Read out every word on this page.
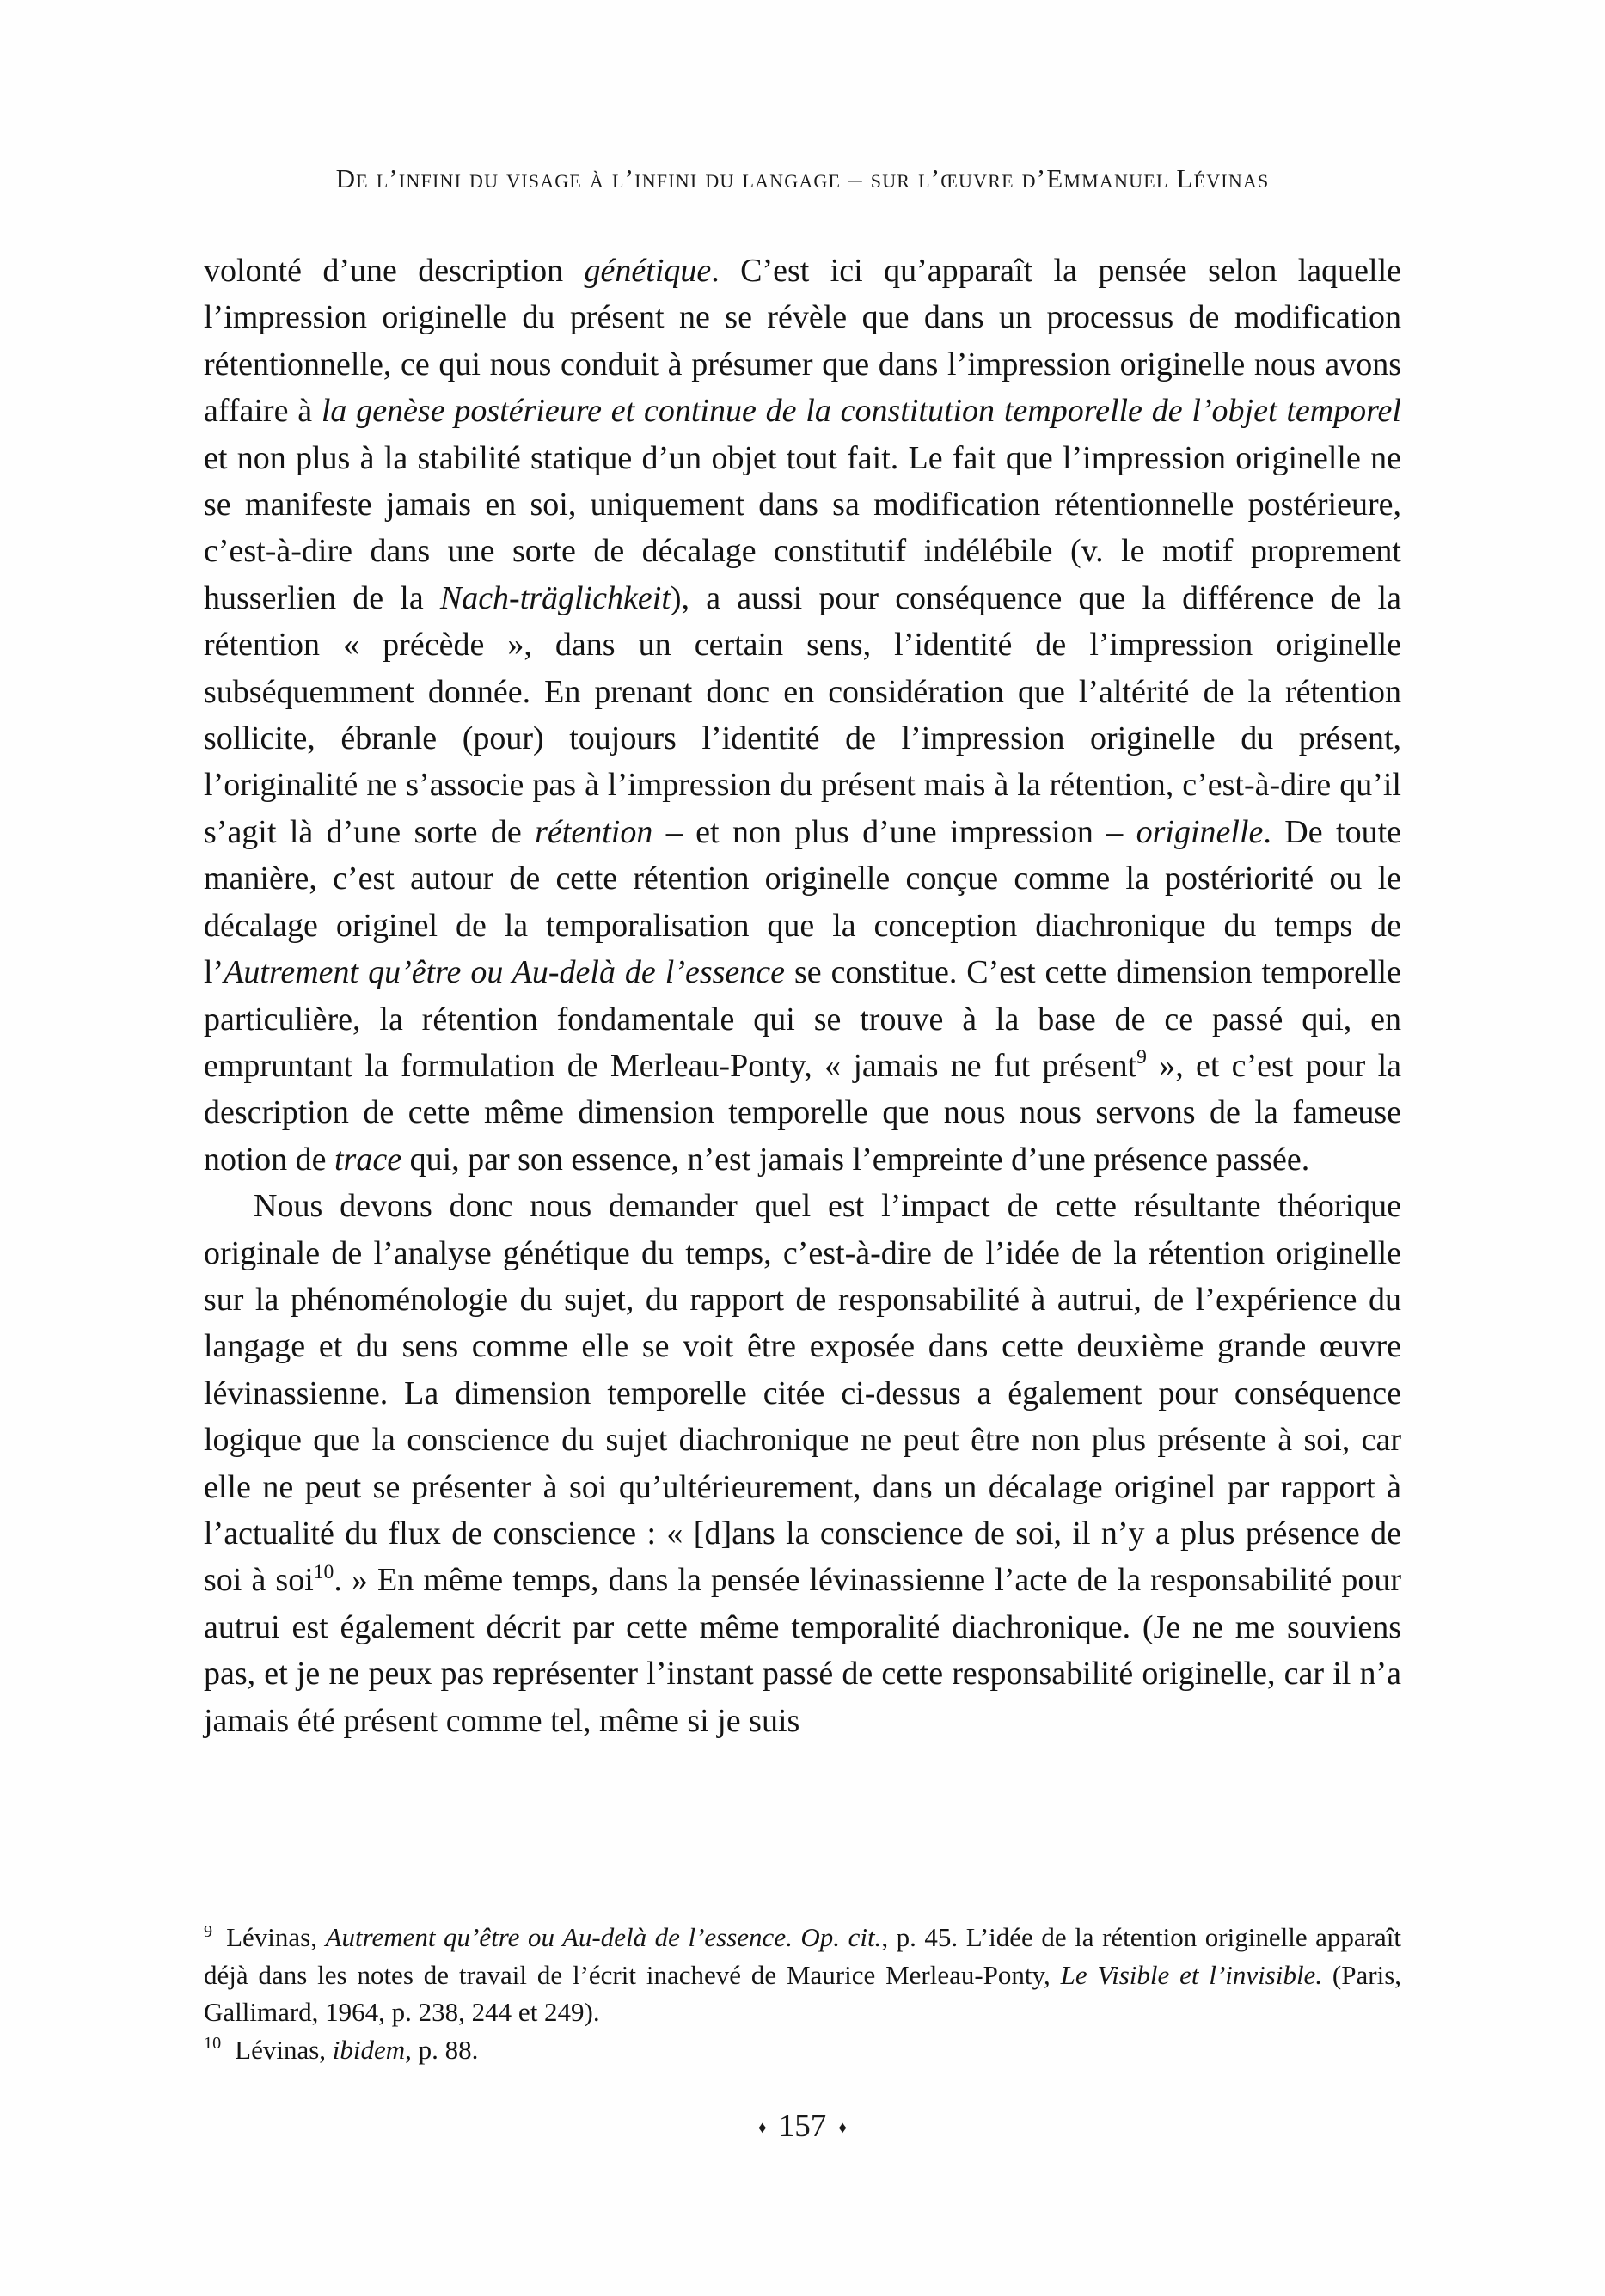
De l’infini du visage à l’infini du langage – sur l’œuvre d’Emmanuel Lévinas

volonté d’une description génétique. C’est ici qu’apparaît la pensée selon laquelle l’impression originelle du présent ne se révèle que dans un processus de modification rétentionnelle, ce qui nous conduit à présumer que dans l’impression originelle nous avons affaire à la genèse postérieure et continue de la constitution temporelle de l’objet temporel et non plus à la stabilité statique d’un objet tout fait. Le fait que l’impression originelle ne se manifeste jamais en soi, uniquement dans sa modification rétentionnelle postérieure, c’est-à-dire dans une sorte de décalage constitutif indélébile (v. le motif proprement husserlien de la Nach-träglichkeit), a aussi pour conséquence que la différence de la rétention « précède », dans un certain sens, l’identité de l’impression originelle subséquemment donnée. En prenant donc en considération que l’altérité de la rétention sollicite, ébranle (pour) toujours l’identité de l’impression originelle du présent, l’originalité ne s’associe pas à l’impression du présent mais à la rétention, c’est-à-dire qu’il s’agit là d’une sorte de rétention – et non plus d’une impression – originelle. De toute manière, c’est autour de cette rétention originelle conçue comme la postériorité ou le décalage originel de la temporalisation que la conception diachronique du temps de l’Autrement qu’être ou Au-delà de l’essence se constitue. C’est cette dimension temporelle particulière, la rétention fondamentale qui se trouve à la base de ce passé qui, en empruntant la formulation de Merleau-Ponty, « jamais ne fut présent$^9$ », et c’est pour la description de cette même dimension temporelle que nous nous servons de la fameuse notion de trace qui, par son essence, n’est jamais l’empreinte d’une présence passée.

Nous devons donc nous demander quel est l’impact de cette résultante théorique originale de l’analyse génétique du temps, c’est-à-dire de l’idée de la rétention originelle sur la phénoménologie du sujet, du rapport de responsabilité à autrui, de l’expérience du langage et du sens comme elle se voit être exposée dans cette deuxième grande œuvre lévinassienne. La dimension temporelle citée ci-dessus a également pour conséquence logique que la conscience du sujet diachronique ne peut être non plus présente à soi, car elle ne peut se présenter à soi qu’ultérieurement, dans un décalage originel par rapport à l’actualité du flux de conscience : « [d]ans la conscience de soi, il n’y a plus présence de soi à soi$^{10}$. » En même temps, dans la pensée lévinassienne l’acte de la responsabilité pour autrui est également décrit par cette même temporalité diachronique. (Je ne me souviens pas, et je ne peux pas représenter l’instant passé de cette responsabilité originelle, car il n’a jamais été présent comme tel, même si je suis

$^9$ Lévinas, Autrement qu’être ou Au-delà de l’essence. Op. cit., p. 45. L’idée de la rétention originelle apparaît déjà dans les notes de travail de l’écrit inachevé de Maurice Merleau-Ponty, Le Visible et l’invisible. (Paris, Gallimard, 1964, p. 238, 244 et 249).

$^{10}$ Lévinas, ibidem, p. 88.

♦ 157 ♦
